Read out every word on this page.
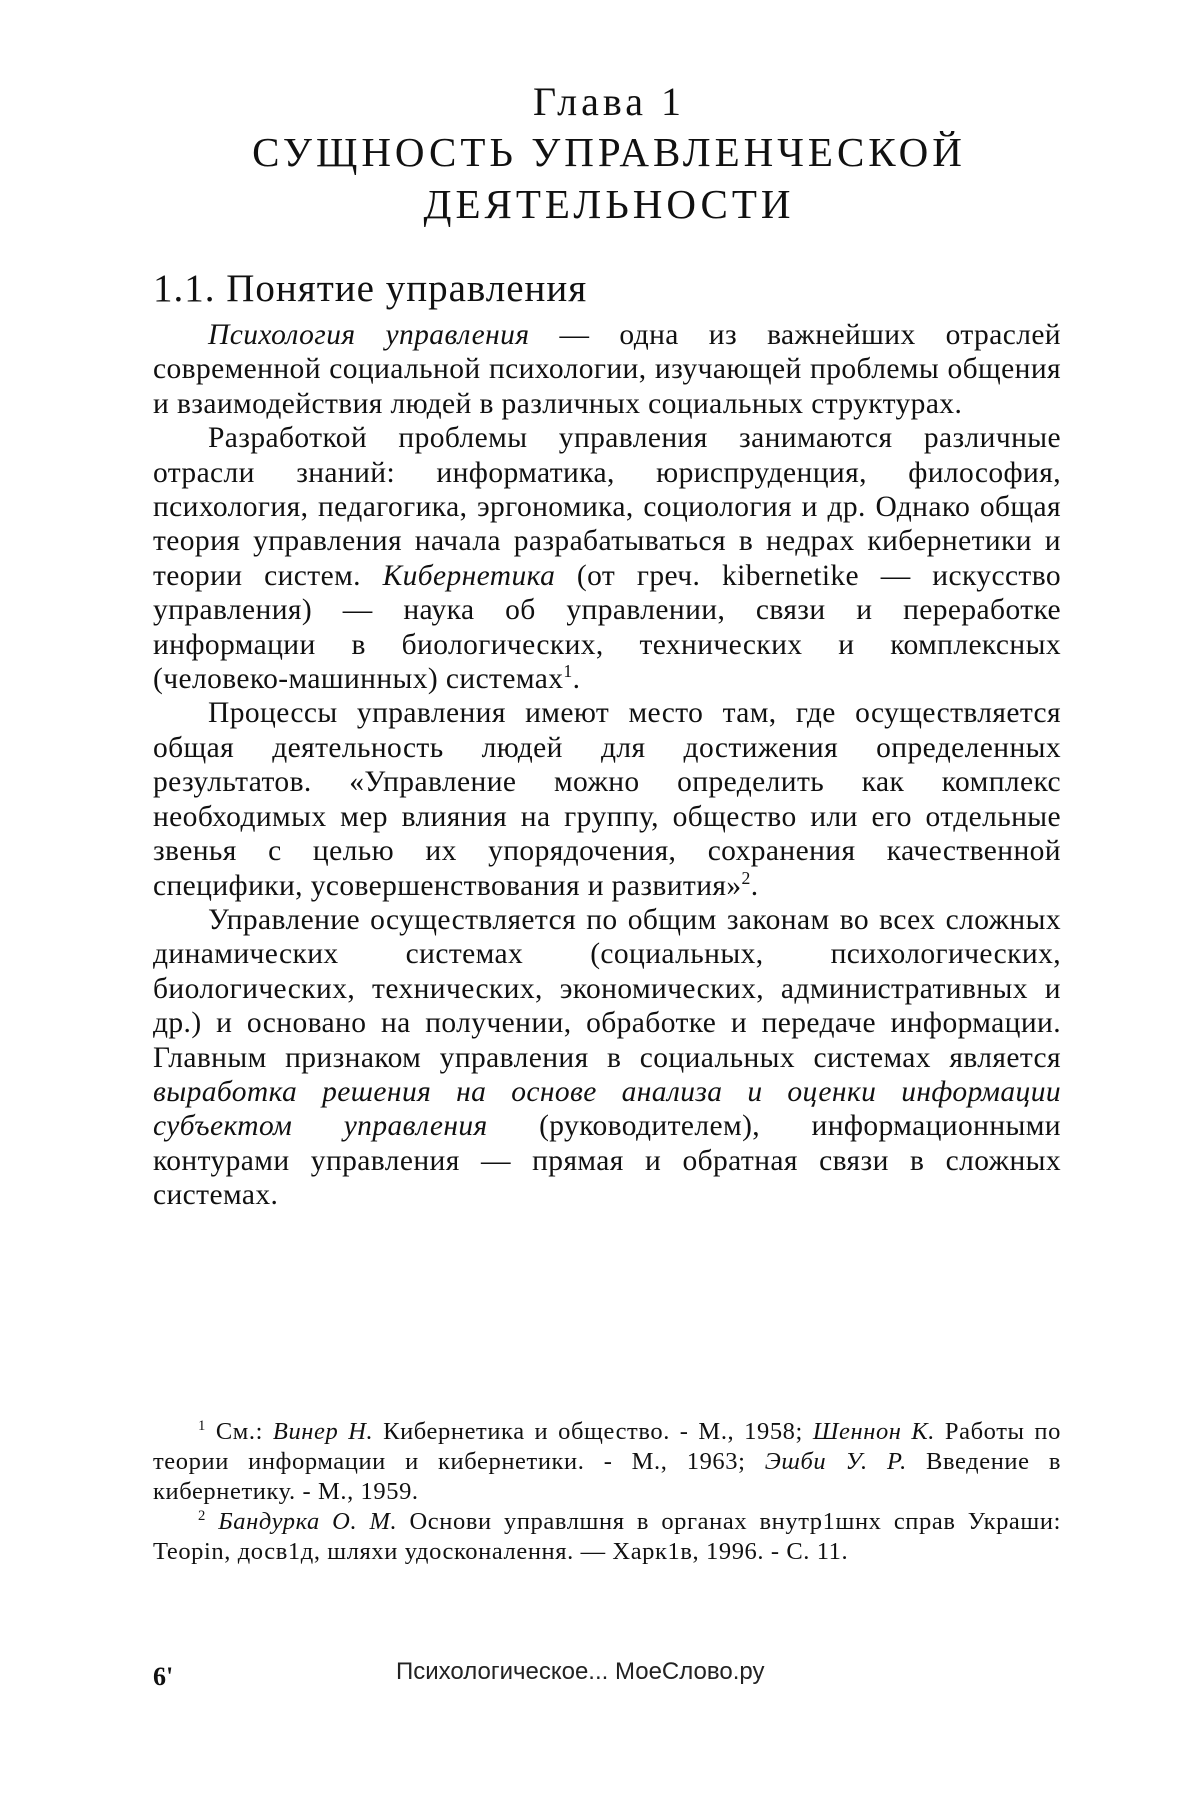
Глава 1
СУЩНОСТЬ УПРАВЛЕНЧЕСКОЙ
ДЕЯТЕЛЬНОСТИ
1.1. Понятие управления

Психология управления — одна из важнейших отраслей современной социальной психологии, изучающей проблемы общения и взаимодействия людей в различных социальных структурах.

Разработкой проблемы управления занимаются различные отрасли знаний: информатика, юриспруденция, философия, психология, педагогика, эргономика, социология и др. Однако общая теория управления начала разрабатываться в недрах кибернетики и теории систем. Кибернетика (от греч. kibernetike — искусство управления) — наука об управлении, связи и переработке информации в биологических, технических и комплексных (человеко-машинных) системах$^1$.

Процессы управления имеют место там, где осуществляется общая деятельность людей для достижения определенных результатов. «Управление можно определить как комплекс необходимых мер влияния на группу, общество или его отдельные звенья с целью их упорядочения, сохранения качественной специфики, усовершенствования и развития»$^2$.

Управление осуществляется по общим законам во всех сложных динамических системах (социальных, психологических, биологических, технических, экономических, административных и др.) и основано на получении, обработке и передаче информации. Главным признаком управления в социальных системах является выработка решения на основе анализа и оценки информации субъектом управления (руководителем), информационными контурами управления — прямая и обратная связи в сложных системах.

$^1$ См.: Винер Н. Кибернетика и общество. - М., 1958; Шеннон К. Работы по теории информации и кибернетики. - М., 1963; Эшби У. Р. Введение в кибернетику. - М., 1959.

$^2$ Бандурка О. М. Основи управлшня в органах внутр1шнх справ Украши: Teopin, досв1д, шляхи удосконалення. — Харк1в, 1996. - С. 11.

6'	Психологическое... МоеСлово.ру
